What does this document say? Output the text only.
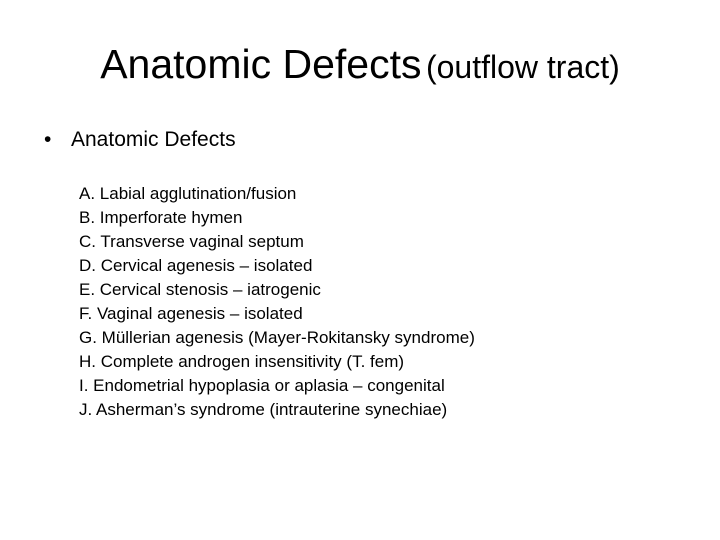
Anatomic Defects (outflow tract)
• Anatomic Defects
A. Labial agglutination/fusion
B. Imperforate hymen
C. Transverse vaginal septum
D. Cervical agenesis – isolated
E. Cervical stenosis – iatrogenic
F. Vaginal agenesis – isolated
G. Müllerian agenesis (Mayer-Rokitansky syndrome)
H. Complete androgen insensitivity (T. fem)
I. Endometrial hypoplasia or aplasia – congenital
J. Asherman’s syndrome (intrauterine synechiae)
